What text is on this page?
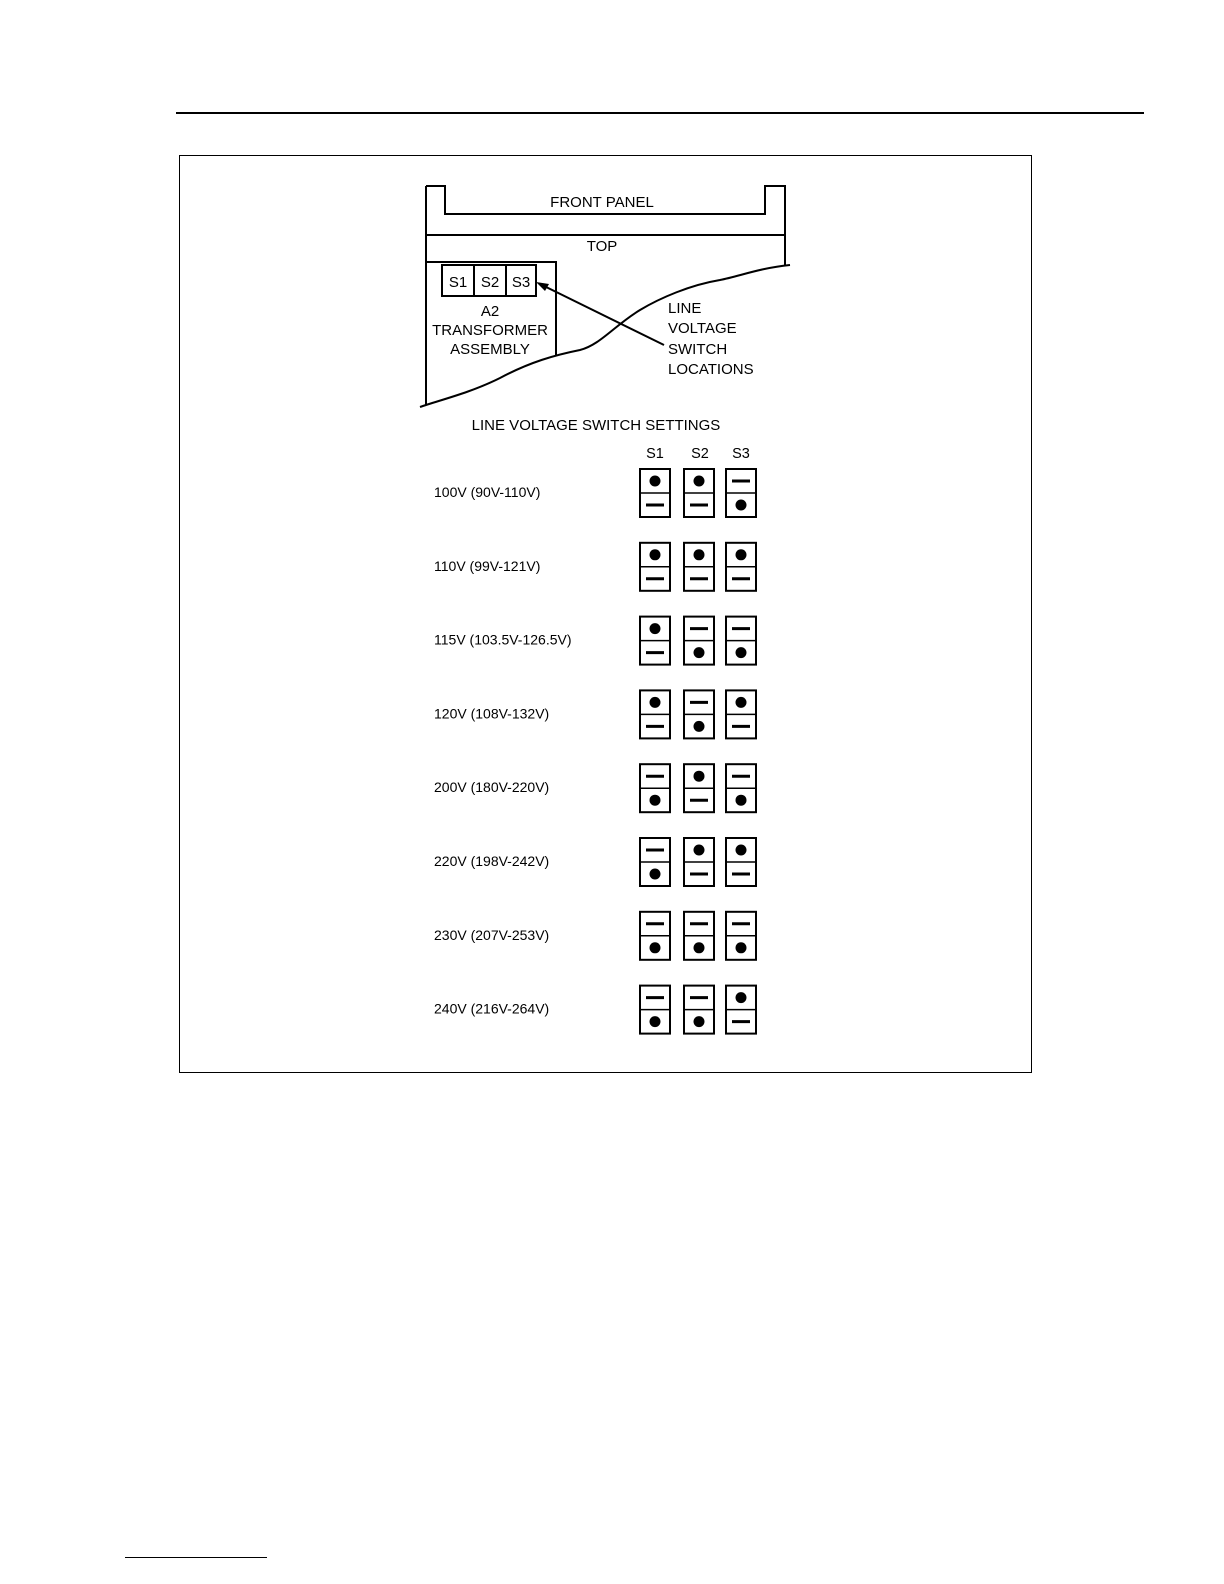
FRONT PANEL
TOP
S1 S2 S3
A2
TRANSFORMER
ASSEMBLY
LINE
VOLTAGE
SWITCH
LOCATIONS
LINE VOLTAGE SWITCH SETTINGS
S1 S2 S3
100V (90V-110V)
110V (99V-121V)
115V (103.5V-126.5V)
120V (108V-132V)
200V (180V-220V)
220V (198V-242V)
230V (207V-253V)
240V (216V-264V)
